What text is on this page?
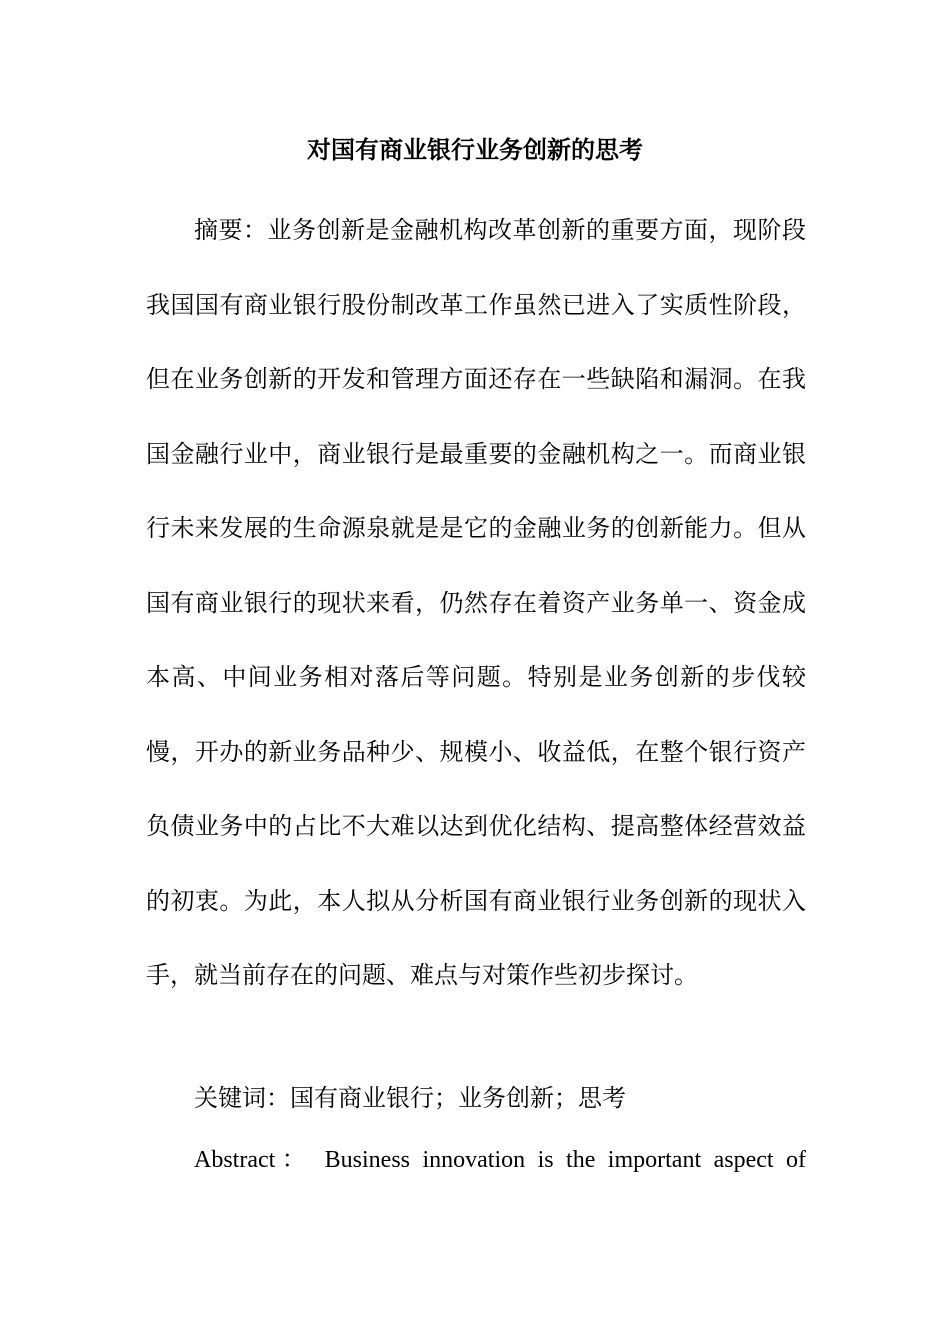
对国有商业银行业务创新的思考

摘要：业务创新是金融机构改革创新的重要方面，现阶段我国国有商业银行股份制改革工作虽然已进入了实质性阶段，但在业务创新的开发和管理方面还存在一些缺陷和漏洞。在我国金融行业中，商业银行是最重要的金融机构之一。而商业银行未来发展的生命源泉就是是它的金融业务的创新能力。但从国有商业银行的现状来看，仍然存在着资产业务单一、资金成本高、中间业务相对落后等问题。特别是业务创新的步伐较慢，开办的新业务品种少、规模小、收益低，在整个银行资产负债业务中的占比不大难以达到优化结构、提高整体经营效益的初衷。为此，本人拟从分析国有商业银行业务创新的现状入手，就当前存在的问题、难点与对策作些初步探讨。

关键词：国有商业银行；业务创新；思考

Abstract： Business innovation is the important aspect of
